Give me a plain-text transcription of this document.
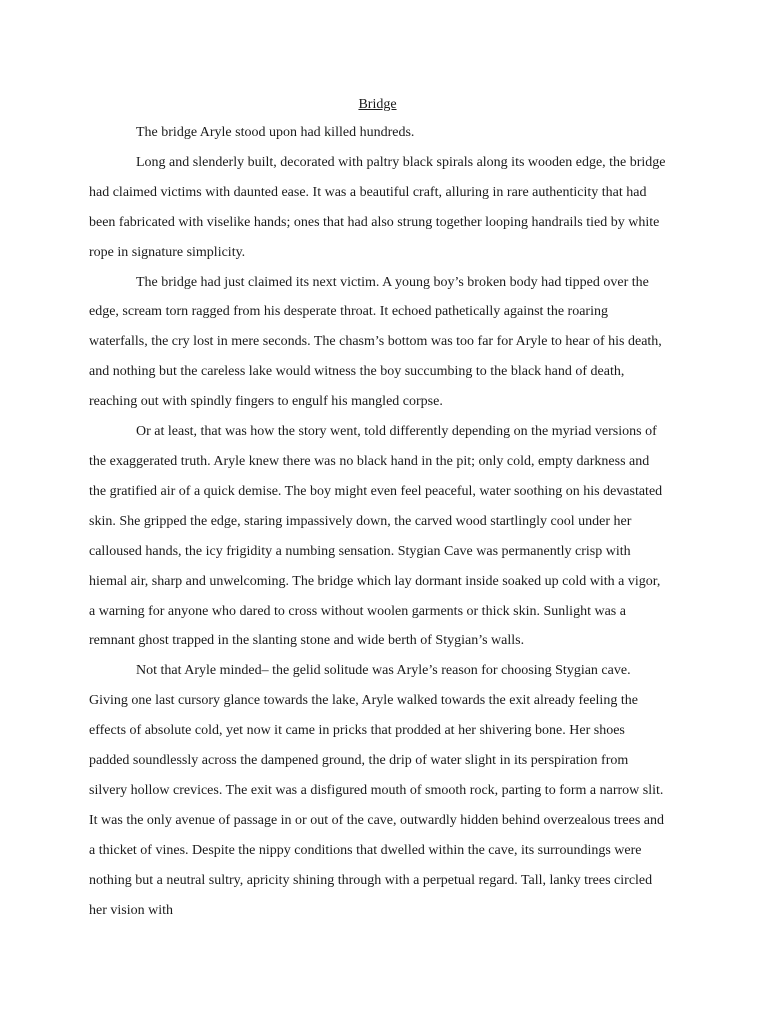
Bridge

The bridge Aryle stood upon had killed hundreds.

Long and slenderly built, decorated with paltry black spirals along its wooden edge, the bridge had claimed victims with daunted ease. It was a beautiful craft, alluring in rare authenticity that had been fabricated with viselike hands; ones that had also strung together looping handrails tied by white rope in signature simplicity.

The bridge had just claimed its next victim. A young boy’s broken body had tipped over the edge, scream torn ragged from his desperate throat. It echoed pathetically against the roaring waterfalls, the cry lost in mere seconds. The chasm’s bottom was too far for Aryle to hear of his death, and nothing but the careless lake would witness the boy succumbing to the black hand of death, reaching out with spindly fingers to engulf his mangled corpse.

Or at least, that was how the story went, told differently depending on the myriad versions of the exaggerated truth. Aryle knew there was no black hand in the pit; only cold, empty darkness and the gratified air of a quick demise. The boy might even feel peaceful, water soothing on his devastated skin. She gripped the edge, staring impassively down, the carved wood startlingly cool under her calloused hands, the icy frigidity a numbing sensation. Stygian Cave was permanently crisp with hiemal air, sharp and unwelcoming. The bridge which lay dormant inside soaked up cold with a vigor, a warning for anyone who dared to cross without woolen garments or thick skin. Sunlight was a remnant ghost trapped in the slanting stone and wide berth of Stygian’s walls.

Not that Aryle minded– the gelid solitude was Aryle’s reason for choosing Stygian cave. Giving one last cursory glance towards the lake, Aryle walked towards the exit already feeling the effects of absolute cold, yet now it came in pricks that prodded at her shivering bone. Her shoes padded soundlessly across the dampened ground, the drip of water slight in its perspiration from silvery hollow crevices. The exit was a disfigured mouth of smooth rock, parting to form a narrow slit. It was the only avenue of passage in or out of the cave, outwardly hidden behind overzealous trees and a thicket of vines. Despite the nippy conditions that dwelled within the cave, its surroundings were nothing but a neutral sultry, apricity shining through with a perpetual regard. Tall, lanky trees circled her vision with
